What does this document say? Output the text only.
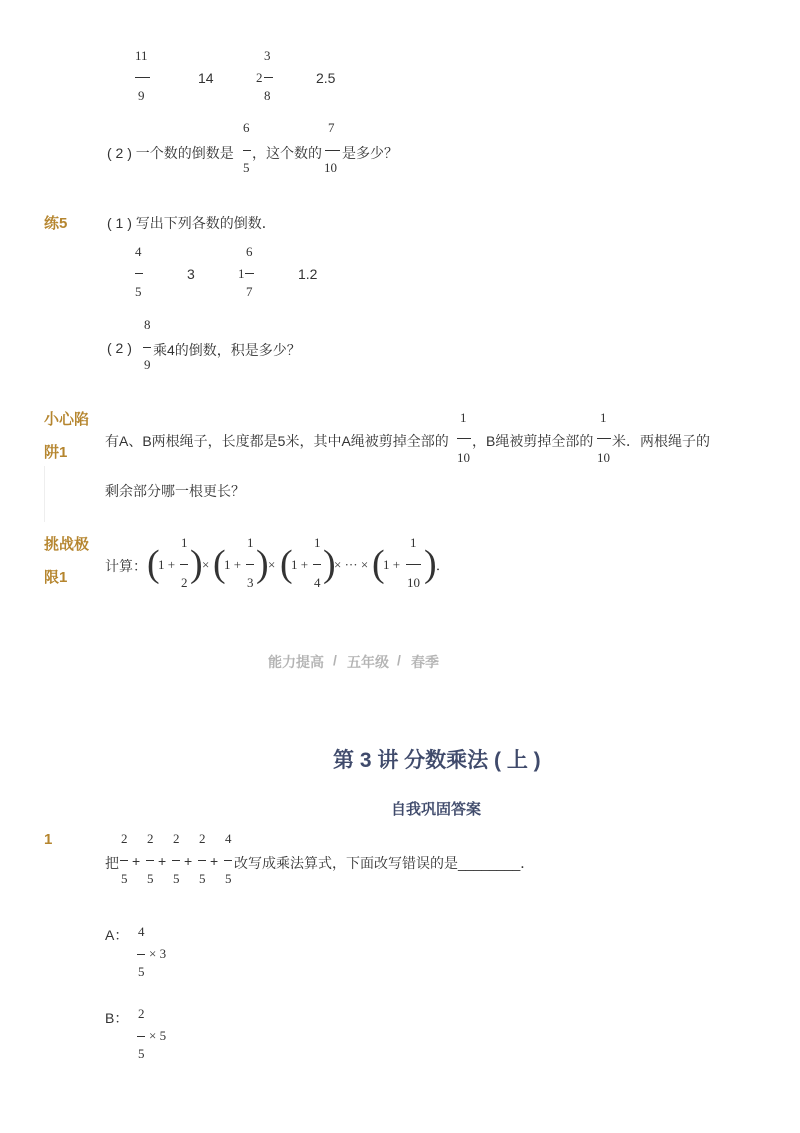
11
9
14	2
3
8
2.5
( 2 ) 一个数的倒数是
6
5
，这个数的
7
10
是多少？
练5	( 1 ) 写出下列各数的倒数．
4
5
3	1
6
7
1.2
( 2 )
8
9
乘4的倒数，积是多少？
小心陷
阱1
有A、B两根绳子，长度都是5米，其中A绳被剪掉全部的
1
10
，B绳被剪掉全部的
1
10
米．两根绳子的
剩余部分哪一根更长？
挑战极
限1
计算： (
1 +
1
2 ) × (
1 +
1
3 ) × (
1 +
1
4 )
× ··· × (
1 +
1
10 ) ．
能力提高 / 五年级 / 春季
第 3 讲 分数乘法 ( 上 )
自我巩固答案
1
把
2
5
+
2
5
+
2
5
+
2
5
+
4
5
改写成乘法算式，下面改写错误的是________．
A： 4
× 3
5
B： 2
× 5
5
